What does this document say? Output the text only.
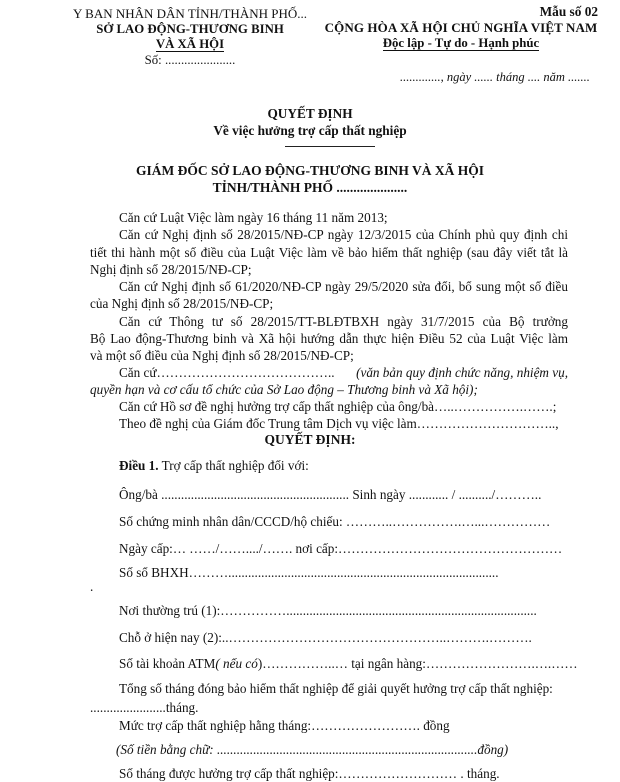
Y BAN NHÂN DÂN TỈNH/THÀNH PHỐ...
SỞ LAO ĐỘNG-THƯƠNG BINH
VÀ XÃ HỘI
Số: ......................
Mẫu số 02
CỘNG HÒA XÃ HỘI CHỦ NGHĨA VIỆT NAM
Độc lập - Tự do - Hạnh phúc
............., ngày ...... tháng .... năm .......
QUYẾT ĐỊNH
Về việc hưởng trợ cấp thất nghiệp
GIÁM ĐỐC SỞ LAO ĐỘNG-THƯƠNG BINH VÀ XÃ HỘI
TỈNH/THÀNH PHỐ .....................
Căn cứ Luật Việc làm ngày 16 tháng 11 năm 2013;
Căn cứ Nghị định số 28/2015/NĐ-CP ngày 12/3/2015 của Chính phủ quy định chi
tiết thi hành một số điều của Luật Việc làm về bảo hiểm thất nghiệp (sau đây viết tắt là
Nghị định số 28/2015/NĐ-CP;
Căn cứ Nghị định số 61/2020/NĐ-CP ngày 29/5/2020 sửa đổi, bổ sung một số điều
của Nghị định số 28/2015/NĐ-CP;
Căn cứ Thông tư số 28/2015/TT-BLĐTBXH ngày 31/7/2015 của Bộ trưởng
Bộ Lao động-Thương binh và Xã hội hướng dẫn thực hiện Điều 52 của Luật Việc làm
và một số điều của Nghị định số 28/2015/NĐ-CP;
Căn cứ………………………………….. (văn bản quy định chức năng, nhiệm vụ,
quyền hạn và cơ cấu tổ chức của Sở Lao động – Thương binh và Xã hội);
Căn cứ Hồ sơ đề nghị hưởng trợ cấp thất nghiệp của ông/bà…..…………….…….;
Theo đề nghị của Giám đốc Trung tâm Dịch vụ việc làm…………………………..,
QUYẾT ĐỊNH:
Điều 1. Trợ cấp thất nghiệp đối với:
Ông/bà ......................................................... Sinh ngày ............ / ........../………..
Số chứng minh nhân dân/CCCD/hộ chiếu: ………..…………….…...……………
Ngày cấp:… ……/……..../……. nơi cấp:……………………………………………
Số sổ BHXH………..................................................................................
.
Nơi thường trú (1):……………............................................................................
Chỗ ở hiện nay (2):..…………………………………………..……….……….
Số tài khoản ATM( nếu có)……………..… tại ngân hàng:…………………….….……
Tổng số tháng đóng bảo hiểm thất nghiệp để giải quyết hưởng trợ cấp thất nghiệp:
.......................tháng.
Mức trợ cấp thất nghiệp hằng tháng:……………………. đồng
(Số tiền bằng chữ: ...............................................................................đồng)
Số tháng được hưởng trợ cấp thất nghiệp:……………………… . tháng.
